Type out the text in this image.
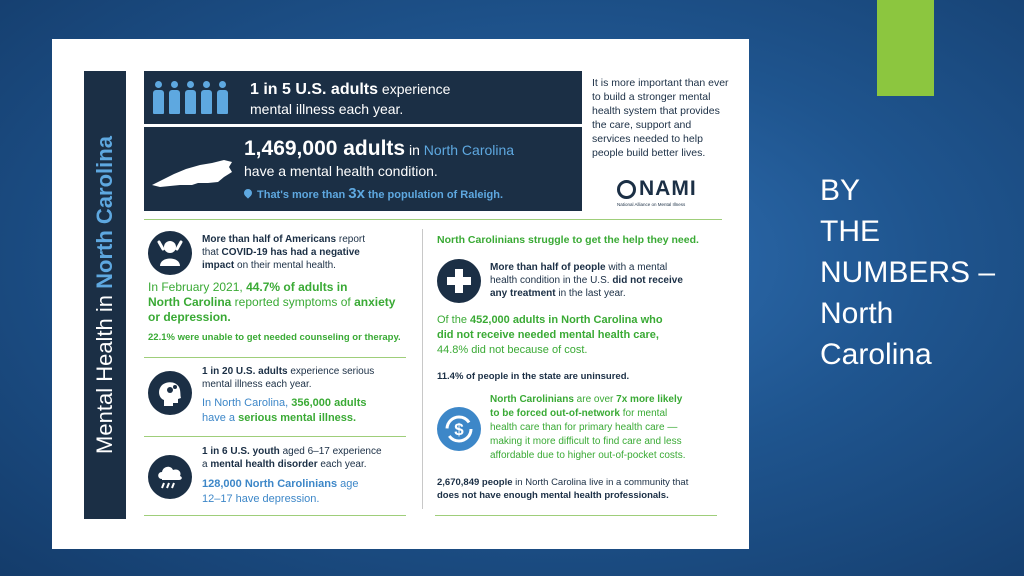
BY
THE
NUMBERS –
North
Carolina
Mental Health in North Carolina
1 in 5 U.S. adults experience
mental illness each year.
1,469,000 adults in North Carolina
have a mental health condition.
That's more than 3x the population of Raleigh.
It is more important than ever to build a stronger mental health system that provides the care, support and services needed to help people build better lives.
NAMI
National Alliance on Mental Illness
More than half of Americans report
that COVID-19 has had a negative
impact on their mental health.
In February 2021, 44.7% of adults in
North Carolina reported symptoms of anxiety
or depression.
22.1% were unable to get needed counseling or therapy.
1 in 20 U.S. adults experience serious
mental illness each year.
In North Carolina, 356,000 adults
have a serious mental illness.
1 in 6 U.S. youth aged 6–17 experience
a mental health disorder each year.
128,000 North Carolinians age
12–17 have depression.
North Carolinians struggle to get the help they need.
More than half of people with a mental
health condition in the U.S. did not receive
any treatment in the last year.
Of the 452,000 adults in North Carolina who
did not receive needed mental health care,
44.8% did not because of cost.
11.4% of people in the state are uninsured.
$
North Carolinians are over 7x more likely
to be forced out-of-network for mental
health care than for primary health care —
making it more difficult to find care and less
affordable due to higher out-of-pocket costs.
2,670,849 people in North Carolina live in a community that
does not have enough mental health professionals.
